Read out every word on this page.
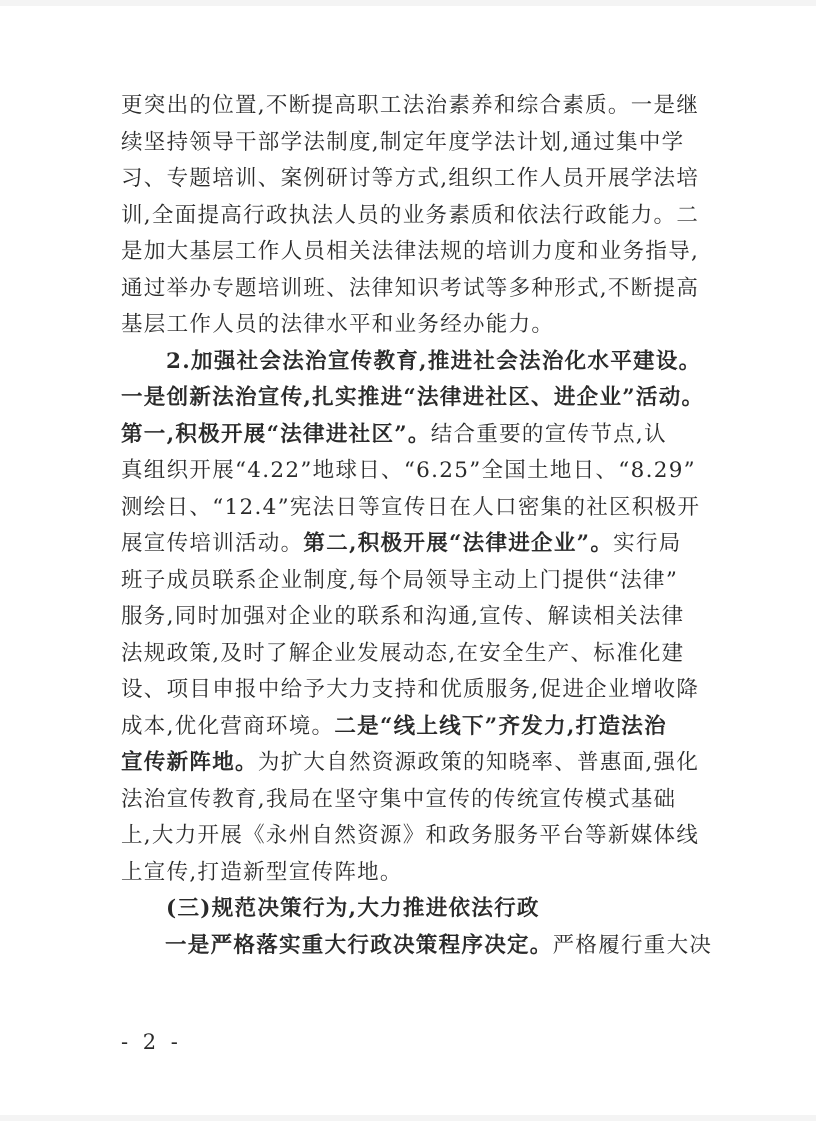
更突出的位置,不断提高职工法治素养和综合素质。一是继
续坚持领导干部学法制度,制定年度学法计划,通过集中学
习、专题培训、案例研讨等方式,组织工作人员开展学法培
训,全面提高行政执法人员的业务素质和依法行政能力。二
是加大基层工作人员相关法律法规的培训力度和业务指导,
通过举办专题培训班、法律知识考试等多种形式,不断提高
基层工作人员的法律水平和业务经办能力。
2.加强社会法治宣传教育,推进社会法治化水平建设。
一是创新法治宣传,扎实推进“法律进社区、进企业”活动。
第一,积极开展“法律进社区”。结合重要的宣传节点,认
真组织开展“4.22”地球日、“6.25”全国土地日、“8.29”
测绘日、“12.4”宪法日等宣传日在人口密集的社区积极开
展宣传培训活动。第二,积极开展“法律进企业”。实行局
班子成员联系企业制度,每个局领导主动上门提供“法律”
服务,同时加强对企业的联系和沟通,宣传、解读相关法律
法规政策,及时了解企业发展动态,在安全生产、标准化建
设、项目申报中给予大力支持和优质服务,促进企业增收降
成本,优化营商环境。二是“线上线下”齐发力,打造法治
宣传新阵地。为扩大自然资源政策的知晓率、普惠面,强化
法治宣传教育,我局在坚守集中宣传的传统宣传模式基础
上,大力开展《永州自然资源》和政务服务平台等新媒体线
上宣传,打造新型宣传阵地。
(三)规范决策行为,大力推进依法行政
一是严格落实重大行政决策程序决定。严格履行重大决
- 2 -
